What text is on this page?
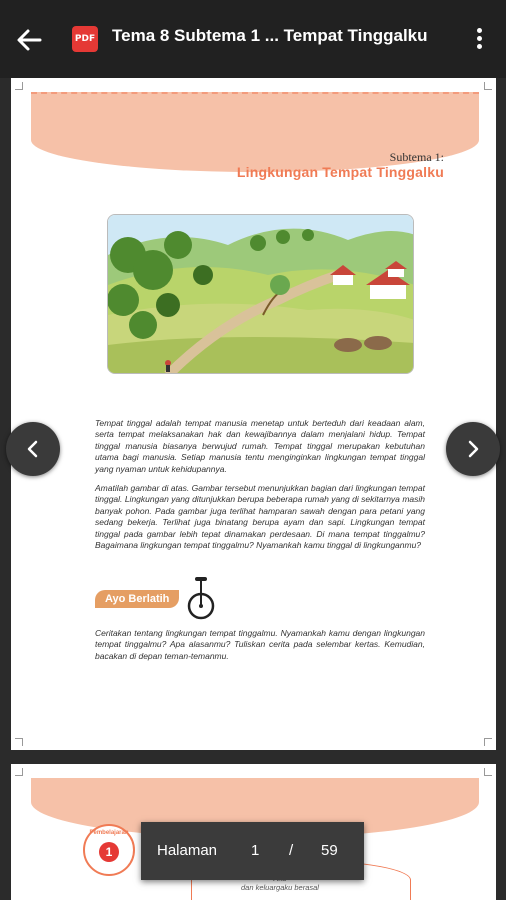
PDF Tema 8 Subtema 1 ... Tempat Tinggalku
Subtema 1:
Lingkungan Tempat Tinggalku
Tempat tinggal adalah tempat manusia menetap untuk berteduh dari keadaan alam, serta tempat melaksanakan hak dan kewajibannya dalam menjalani hidup. Tempat tinggal manusia biasanya berwujud rumah. Tempat tinggal merupakan kebutuhan utama bagi manusia. Setiap manusia tentu menginginkan lingkungan tempat tinggal yang nyaman untuk kehidupannya.
Amatilah gambar di atas. Gambar tersebut menunjukkan bagian dari lingkungan tempat tinggal. Lingkungan yang ditunjukkan berupa beberapa rumah yang di sekitarnya masih banyak pohon. Pada gambar juga terlihat hamparan sawah dengan para petani yang sedang bekerja. Terlihat juga binatang berupa ayam dan sapi. Lingkungan tempat tinggal pada gambar lebih tepat dinamakan perdesaan. Di mana tempat tinggalmu? Bagaimana lingkungan tempat tinggalmu? Nyamankah kamu tinggal di lingkunganmu?
Ayo Berlatih
Ceritakan tentang lingkungan tempat tinggalmu. Nyamankah kamu dengan lingkungan tempat tinggalmu? Apa alasanmu? Tuliskan cerita pada selembar kertas. Kemudian, bacakan di depan teman-temanmu.
Pembelajaran
1
dan keluargaku berasal
Halaman 1 / 59
